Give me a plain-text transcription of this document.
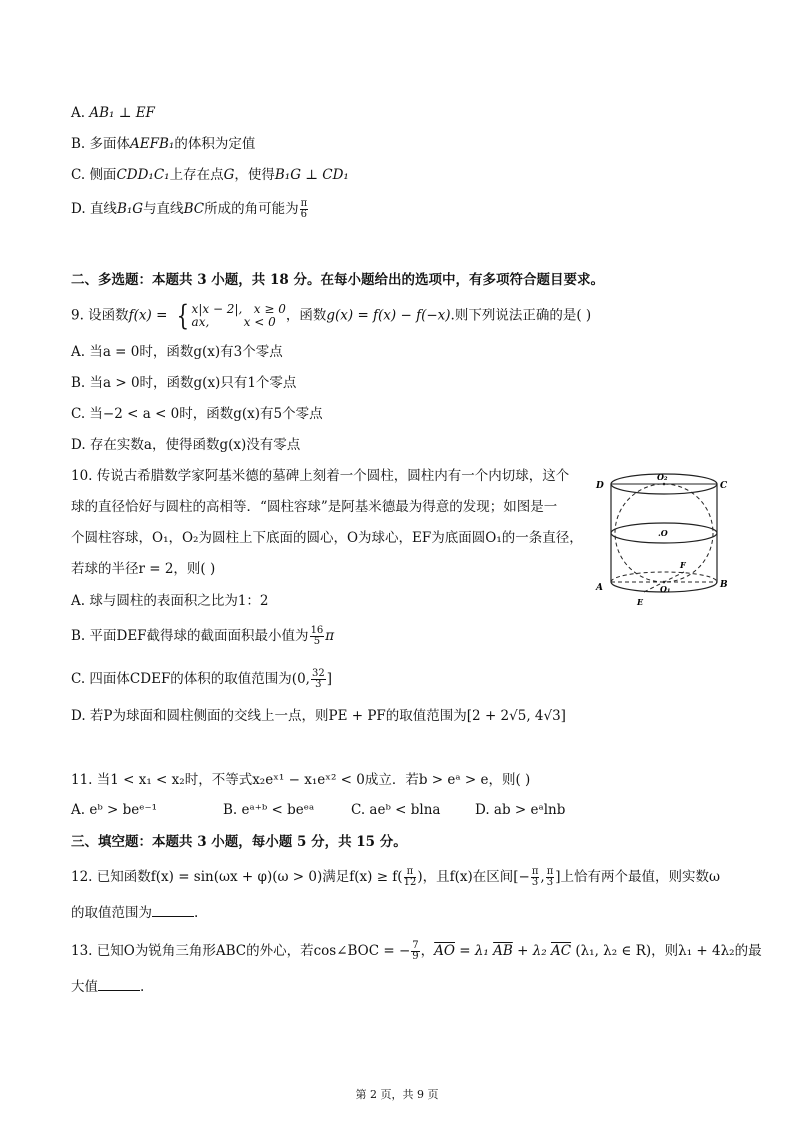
A. AB₁ ⊥ EF
B. 多面体AEFB₁的体积为定值
C. 侧面CDD₁C₁上存在点G，使得B₁G ⊥ CD₁
D. 直线B₁G与直线BC所成的角可能为 $\frac{\pi}{6}$
二、多选题：本题共 3 小题，共 18 分。在每小题给出的选项中，有多项符合题目要求。
9. 设函数f(x) = { x|x − 2|, x ≥ 0
ax,	x < 0 ，函数g(x) = f(x) − f(−x).则下列说法正确的是( )
A. 当a = 0时，函数g(x)有3个零点
B. 当a > 0时，函数g(x)只有1个零点
C. 当−2 < a < 0时，函数g(x)有5个零点
D. 存在实数a，使得函数g(x)没有零点
10. 传说古希腊数学家阿基米德的墓碑上刻着一个圆柱，圆柱内有一个内切球，这个
球的直径恰好与圆柱的高相等．“圆柱容球”是阿基米德最为得意的发现；如图是一
个圆柱容球，O₁，O₂为圆柱上下底面的圆心，O为球心，EF为底面圆O₁的一条直径，
若球的半径r = 2，则( )
A. 球与圆柱的表面积之比为1：2
B. 平面DEF截得球的截面面积最小值为 $\frac{16}{5}$ π
C. 四面体CDEF的体积的取值范围为(0, $\frac{32}{3}$ ]
D. 若P为球面和圆柱侧面的交线上一点，则PE + PF的取值范围为[2 + 2√5, 4√3]
D	C
O₂
.O
A	B
F
O₁
E
11. 当1 < x₁ < x₂时，不等式x₂eˣ¹ − x₁eˣ² < 0成立．若b > eᵃ > e，则( )
A. eᵇ > beᵉ⁻¹	B. eᵃ⁺ᵇ < beᵉᵃ	C. aeᵇ < blna	D. ab > eᵃlnb
三、填空题：本题共 3 小题，每小题 5 分，共 15 分。
12. 已知函数f(x) = sin(ωx + φ)(ω > 0)满足$f(x) \ge f( \frac{\pi}{12}$ )，且f(x)在区间[− $\frac{\pi}{3}$ , $\frac{\pi}{3}$ ]上恰有两个最值，则实数ω
的取值范围为	.
13. 已知O为锐角三角形ABC的外心，若cos∠BOC = − $\frac{7}{9}$ ，$\overline{AO} = \lambda_1$ $\overline{AB} + \lambda_2$ $\overline{AC}$ (λ₁, λ₂ ∈ R)，则λ₁ + 4λ₂的最
大值	.
第 2 页，共 9 页
